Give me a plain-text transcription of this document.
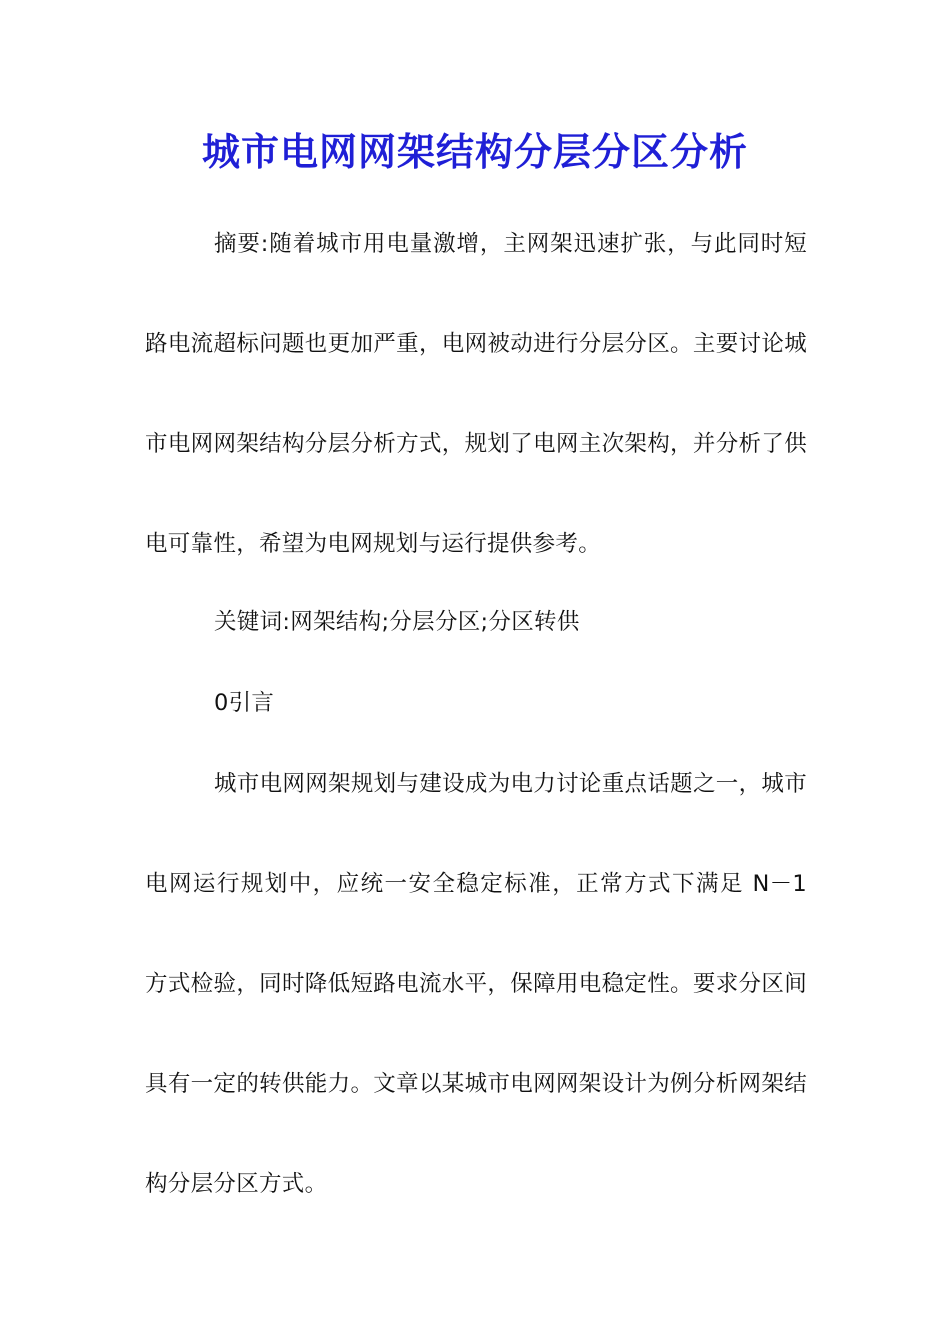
城市电网网架结构分层分区分析

摘要:随着城市用电量激增，主网架迅速扩张，与此同时短路电流超标问题也更加严重，电网被动进行分层分区。主要讨论城市电网网架结构分层分析方式，规划了电网主次架构，并分析了供电可靠性，希望为电网规划与运行提供参考。

关键词:网架结构;分层分区;分区转供

0引言

城市电网网架规划与建设成为电力讨论重点话题之一，城市电网运行规划中，应统一安全稳定标准，正常方式下满足 N－1 方式检验，同时降低短路电流水平，保障用电稳定性。要求分区间具有一定的转供能力。文章以某城市电网网架设计为例分析网架结构分层分区方式。
